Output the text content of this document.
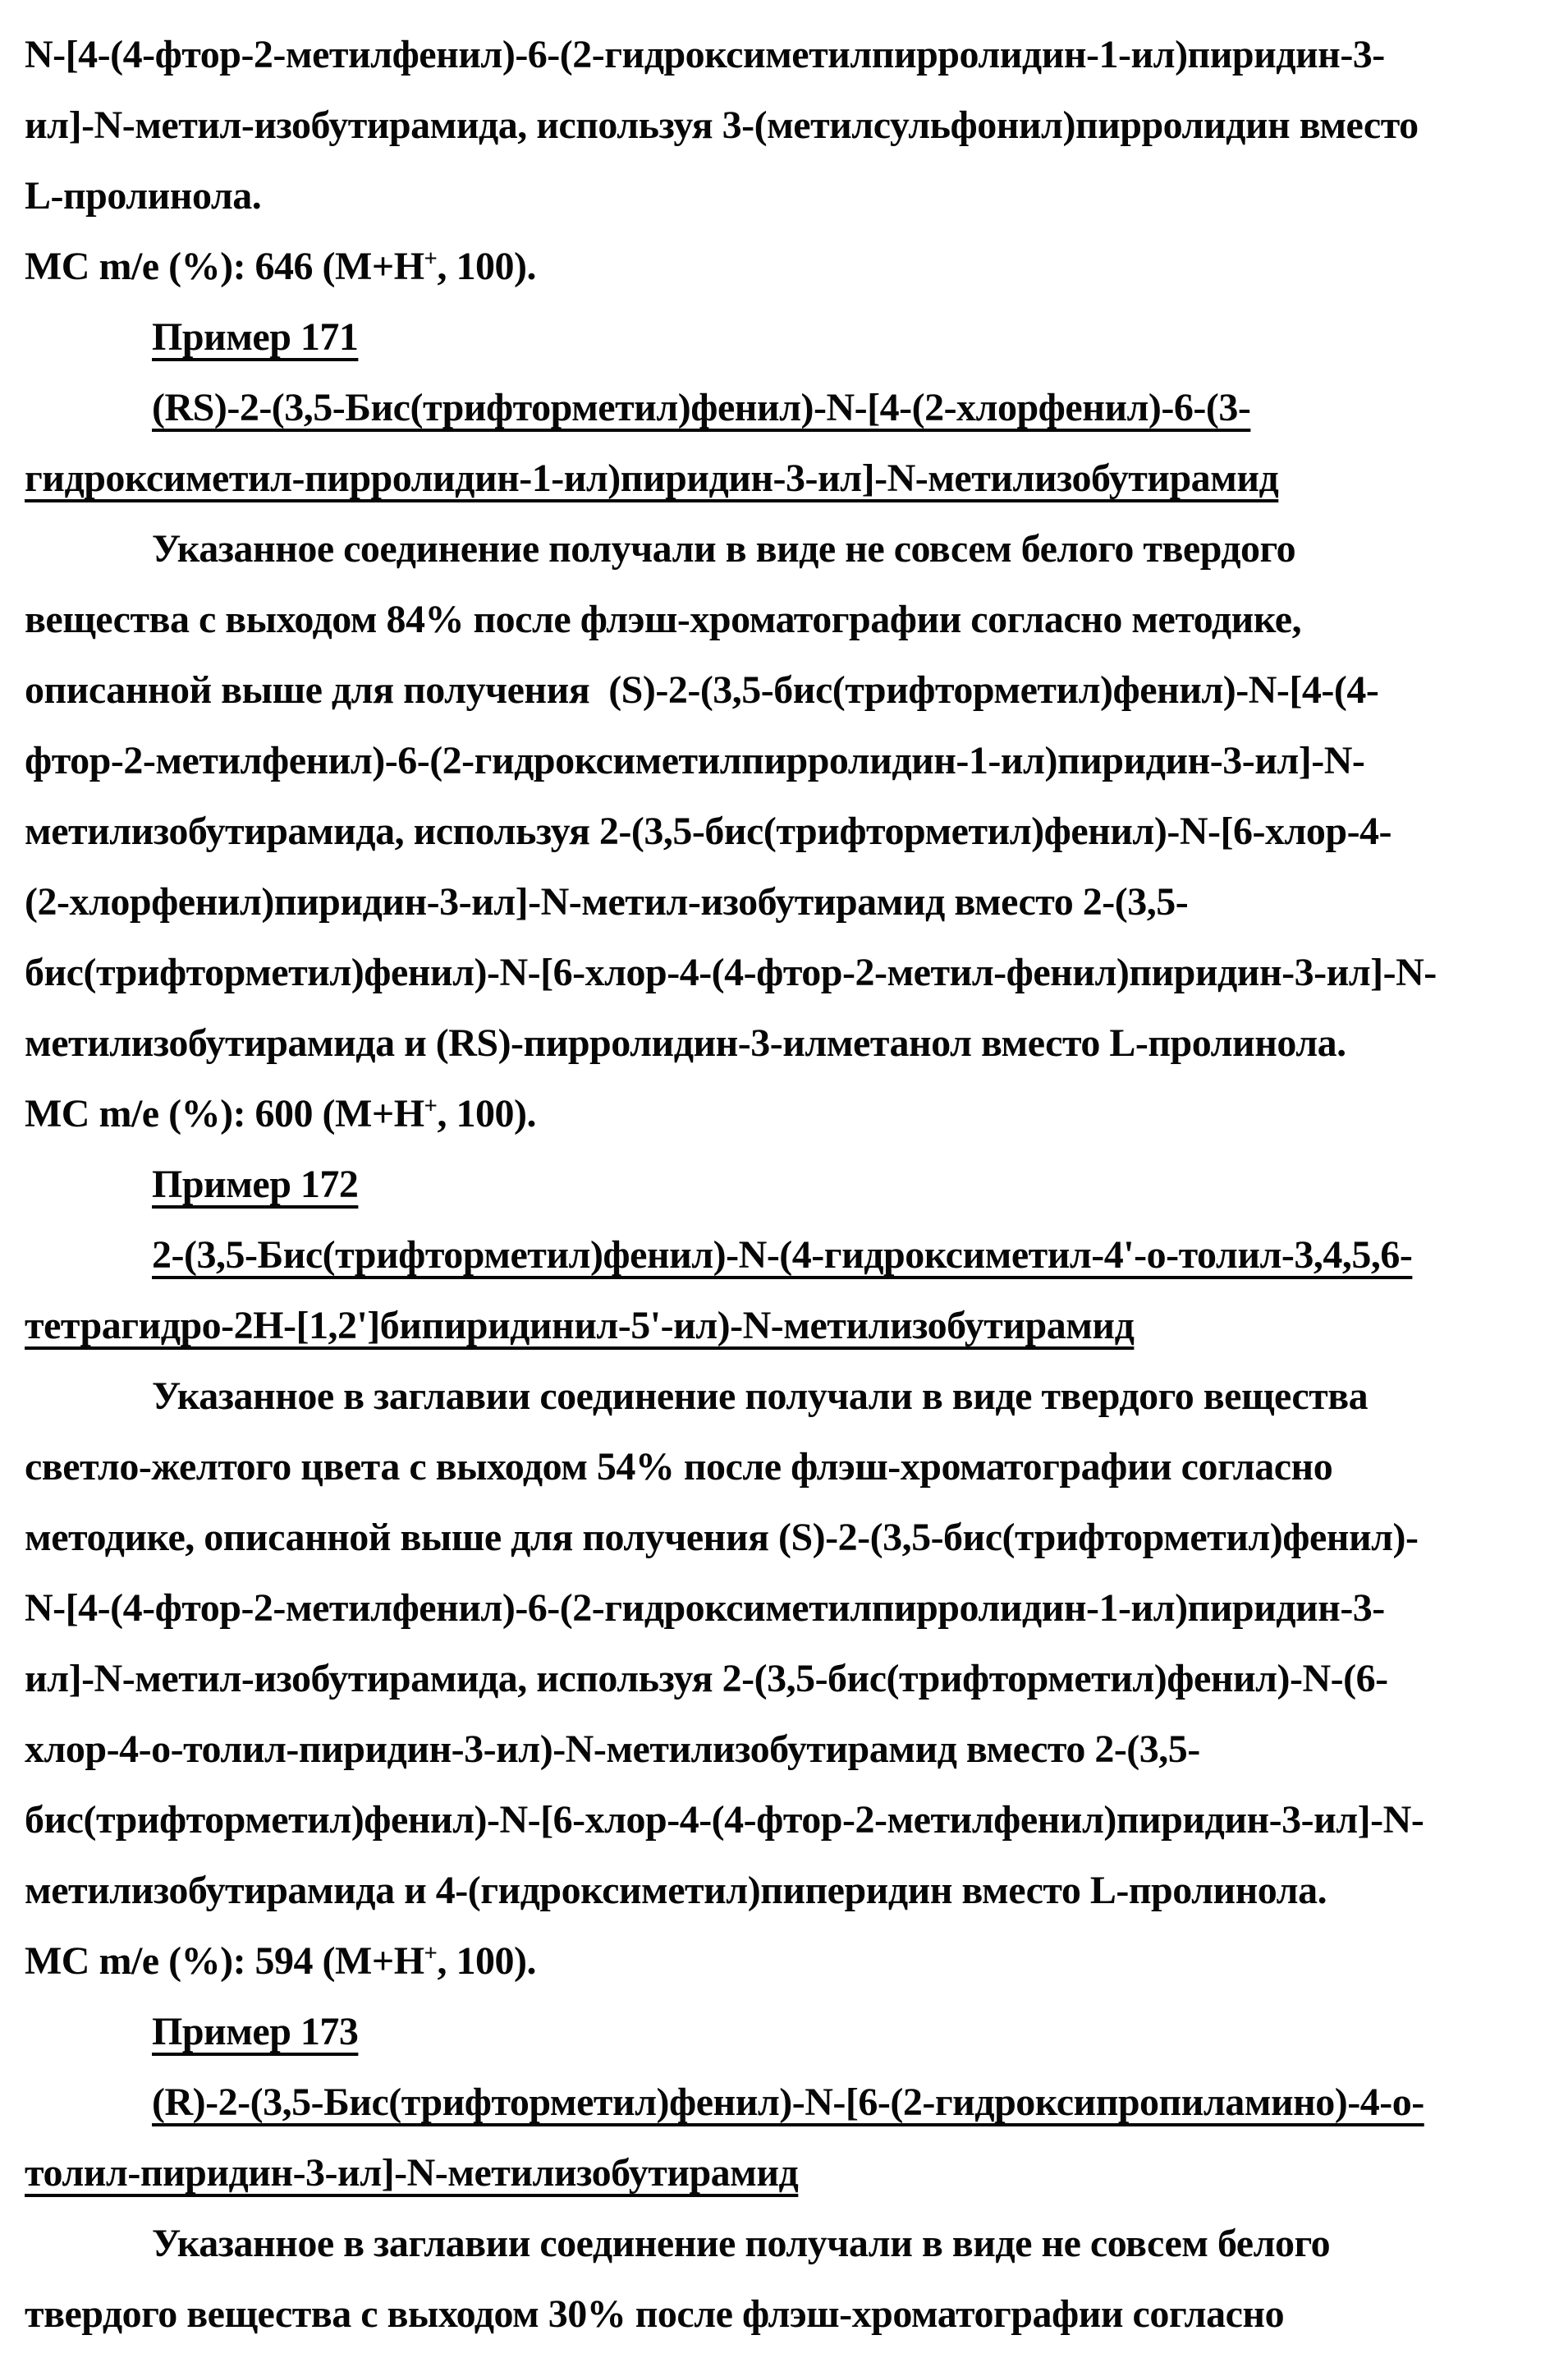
N-[4-(4-фтор-2-метилфенил)-6-(2-гидроксиметилпирролидин-1-ил)пиридин-3-
ил]-N-метил-изобутирамида, используя 3-(метилсульфонил)пирролидин вместо
L-пролинола.
МС m/e (%): 646 (M+H+, 100).
Пример 171
(RS)-2-(3,5-Бис(трифторметил)фенил)-N-[4-(2-хлорфенил)-6-(3-
гидроксиметил-пирролидин-1-ил)пиридин-3-ил]-N-метилизобутирамид
Указанное соединение получали в виде не совсем белого твердого
вещества с выходом 84% после флэш-хроматографии согласно методике,
описанной выше для получения  (S)-2-(3,5-бис(трифторметил)фенил)-N-[4-(4-
фтор-2-метилфенил)-6-(2-гидроксиметилпирролидин-1-ил)пиридин-3-ил]-N-
метилизобутирамида, используя 2-(3,5-бис(трифторметил)фенил)-N-[6-хлор-4-
(2-хлорфенил)пиридин-3-ил]-N-метил-изобутирамид вместо 2-(3,5-
бис(трифторметил)фенил)-N-[6-хлор-4-(4-фтор-2-метил-фенил)пиридин-3-ил]-N-
метилизобутирамида и (RS)-пирролидин-3-илметанол вместо L-пролинола.
МС m/e (%): 600 (M+H+, 100).
Пример 172
2-(3,5-Бис(трифторметил)фенил)-N-(4-гидроксиметил-4'-о-толил-3,4,5,6-
тетрагидро-2Н-[1,2']бипиридинил-5'-ил)-N-метилизобутирамид
Указанное в заглавии соединение получали в виде твердого вещества
светло-желтого цвета с выходом 54% после флэш-хроматографии согласно
методике, описанной выше для получения (S)-2-(3,5-бис(трифторметил)фенил)-
N-[4-(4-фтор-2-метилфенил)-6-(2-гидроксиметилпирролидин-1-ил)пиридин-3-
ил]-N-метил-изобутирамида, используя 2-(3,5-бис(трифторметил)фенил)-N-(6-
хлор-4-о-толил-пиридин-3-ил)-N-метилизобутирамид вместо 2-(3,5-
бис(трифторметил)фенил)-N-[6-хлор-4-(4-фтор-2-метилфенил)пиридин-3-ил]-N-
метилизобутирамида и 4-(гидроксиметил)пиперидин вместо L-пролинола.
МС m/e (%): 594 (M+H+, 100).
Пример 173
(R)-2-(3,5-Бис(трифторметил)фенил)-N-[6-(2-гидроксипропиламино)-4-о-
толил-пиридин-3-ил]-N-метилизобутирамид
Указанное в заглавии соединение получали в виде не совсем белого
твердого вещества с выходом 30% после флэш-хроматографии согласно
